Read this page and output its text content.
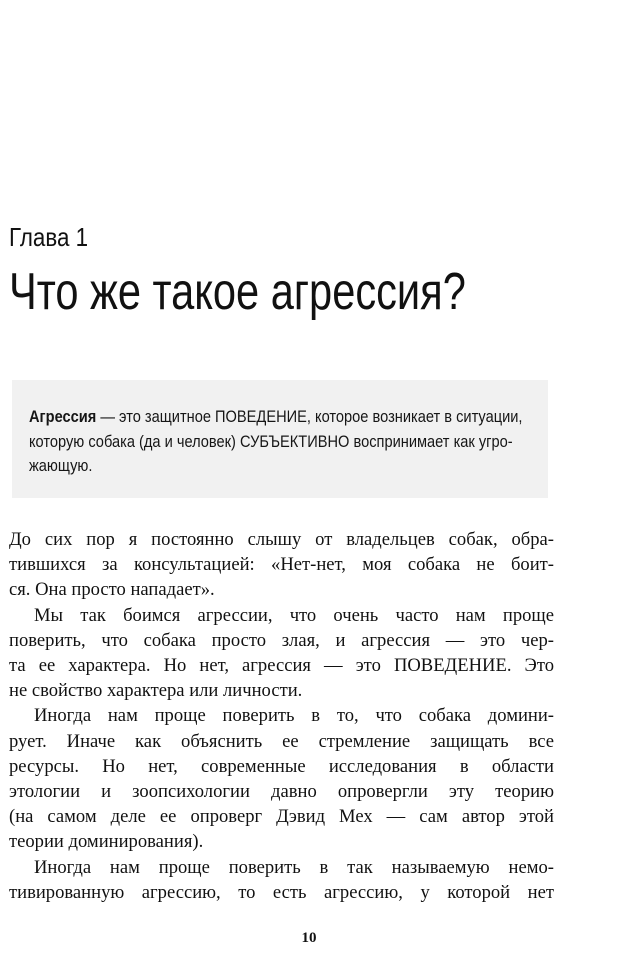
Глава 1
Что же такое агрессия?
Агрессия — это защитное ПОВЕДЕНИЕ, которое возникает в ситуации,
которую собака (да и человек) СУБЪЕКТИВНО воспринимает как угро-
жающую.
До сих пор я постоянно слышу от владельцев собак, обра-
тившихся за консультацией: «Нет-нет, моя собака не боит-
ся. Она просто нападает».
Мы так боимся агрессии, что очень часто нам проще
поверить, что собака просто злая, и агрессия — это чер-
та ее характера. Но нет, агрессия — это ПОВЕДЕНИЕ. Это
не свойство характера или личности.
Иногда нам проще поверить в то, что собака домини-
рует. Иначе как объяснить ее стремление защищать все
ресурсы. Но нет, современные исследования в области
этологии и зоопсихологии давно опровергли эту теорию
(на самом деле ее опроверг Дэвид Мех — сам автор этой
теории доминирования).
Иногда нам проще поверить в так называемую немо-
тивированную агрессию, то есть агрессию, у которой нет
10
